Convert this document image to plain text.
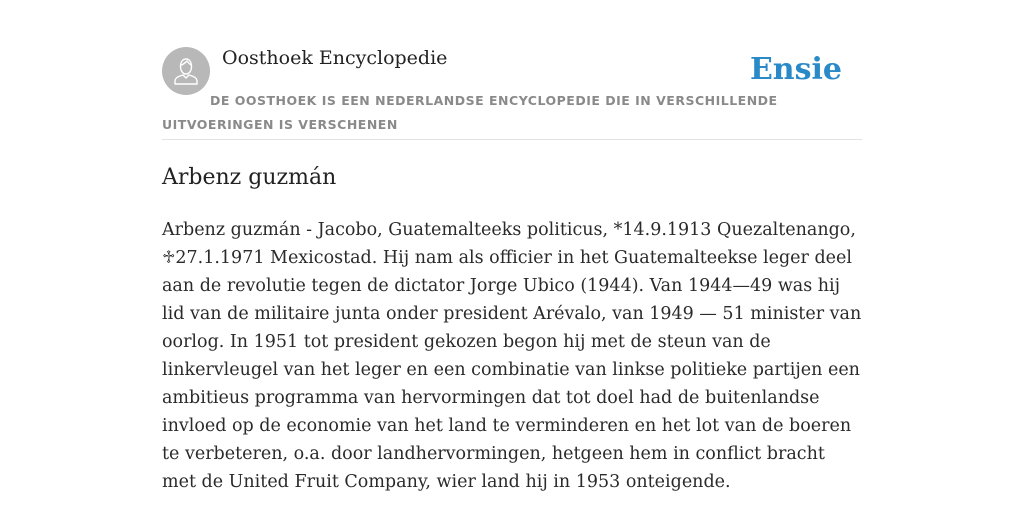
Oosthoek Encyclopedie	Ensie
DE OOSTHOEK IS EEN NEDERLANDSE ENCYCLOPEDIE DIE IN VERSCHILLENDE UITVOERINGEN IS VERSCHENEN
Arbenz guzmán

Arbenz guzmán - Jacobo, Guatemalteeks politicus, *14.9.1913 Quezaltenango, ♱27.1.1971 Mexicostad. Hij nam als officier in het Guatemalteekse leger deel aan de revolutie tegen de dictator Jorge Ubico (1944). Van 1944—49 was hij lid van de militaire junta onder president Arévalo, van 1949 — 51 minister van oorlog. In 1951 tot president gekozen begon hij met de steun van de linkervleugel van het leger en een combinatie van linkse politieke partijen een ambitieus programma van hervormingen dat tot doel had de buitenlandse invloed op de economie van het land te verminderen en het lot van de boeren te verbeteren, o.a. door landhervormingen, hetgeen hem in conflict bracht met de United Fruit Company, wier land hij in 1953 onteigende.
